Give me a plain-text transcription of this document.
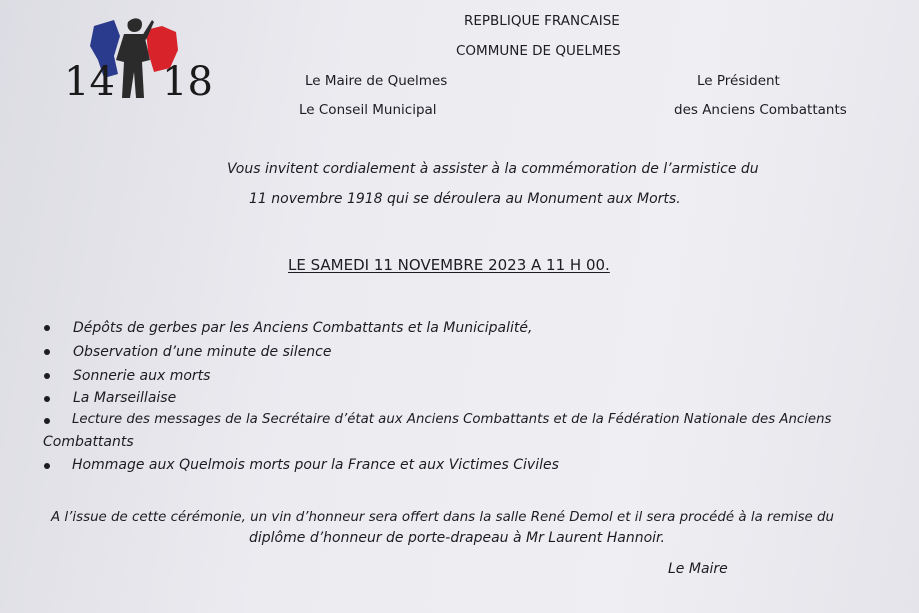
14 18
REPBLIQUE FRANCAISE
COMMUNE DE QUELMES
Le Maire de Quelmes
Le Conseil Municipal
Le Président
des Anciens Combattants
Vous invitent cordialement à assister à la commémoration de l’armistice du
11 novembre 1918 qui se déroulera au Monument aux Morts.
LE SAMEDI 11 NOVEMBRE 2023 A 11 H 00.
Dépôts de gerbes par les Anciens Combattants et la Municipalité,
Observation d’une minute de silence
Sonnerie aux morts
La Marseillaise
Lecture des messages de la Secrétaire d’état aux Anciens Combattants et de la Fédération Nationale des Anciens
Combattants
Hommage aux Quelmois morts pour la France et aux Victimes Civiles
A l’issue de cette cérémonie, un vin d’honneur sera offert dans la salle René Demol et il sera procédé à la remise du
diplôme d’honneur de porte-drapeau à Mr Laurent Hannoir.
Le Maire
